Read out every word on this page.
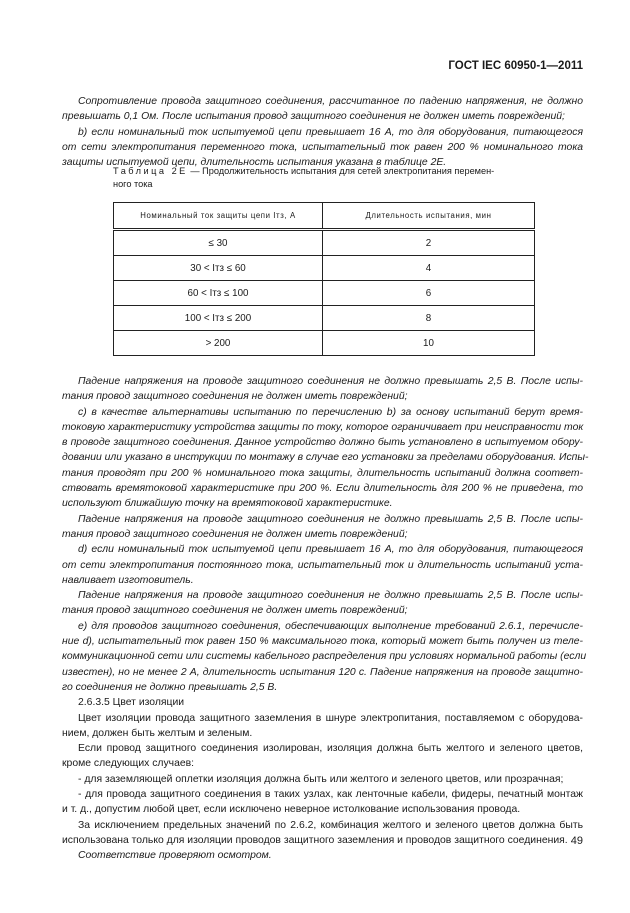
ГОСТ IEC 60950-1—2011
Сопротивление провода защитного соединения, рассчитанное по падению напряжения, не должно
превышать 0,1 Ом. После испытания провод защитного соединения не должен иметь повреждений;
b) если номинальный ток испытуемой цепи превышает 16 А, то для оборудования, питающегося
от сети электропитания переменного тока, испытательный ток равен 200 % номинального тока
защиты испытуемой цепи, длительность испытания указана в таблице 2Е.
Таблица 2Е — Продолжительность испытания для сетей электропитания перемен-
ного тока
Номинальный ток защиты цепи Iтз, А	Длительность испытания, мин
≤ 30	2
30 < Iтз ≤ 60	4
60 < Iтз ≤ 100	6
100 < Iтз ≤ 200	8
> 200	10
Падение напряжения на проводе защитного соединения не должно превышать 2,5 В. После испы-
тания провод защитного соединения не должен иметь повреждений;
c) в качестве альтернативы испытанию по перечислению b) за основу испытаний берут время-
токовую характеристику устройства защиты по току, которое ограничивает при неисправности ток
в проводе защитного соединения. Данное устройство должно быть установлено в испытуемом обору-
довании или указано в инструкции по монтажу в случае его установки за пределами оборудования. Испы-
тания проводят при 200 % номинального тока защиты, длительность испытаний должна соответ-
ствовать времятоковой характеристике при 200 %. Если длительность для 200 % не приведена, то
используют ближайшую точку на времятоковой характеристике.
Падение напряжения на проводе защитного соединения не должно превышать 2,5 В. После испы-
тания провод защитного соединения не должен иметь повреждений;
d) если номинальный ток испытуемой цепи превышает 16 А, то для оборудования, питающегося
от сети электропитания постоянного тока, испытательный ток и длительность испытаний уста-
навливает изготовитель.
Падение напряжения на проводе защитного соединения не должно превышать 2,5 В. После испы-
тания провод защитного соединения не должен иметь повреждений;
e) для проводов защитного соединения, обеспечивающих выполнение требований 2.6.1, перечисле-
ние d), испытательный ток равен 150 % максимального тока, который может быть получен из теле-
коммуникационной сети или системы кабельного распределения при условиях нормальной работы (если
известен), но не менее 2 А, длительность испытания 120 с. Падение напряжения на проводе защитно-
го соединения не должно превышать 2,5 В.
2.6.3.5 Цвет изоляции
Цвет изоляции провода защитного заземления в шнуре электропитания, поставляемом с оборудова-
нием, должен быть желтым и зеленым.
Если провод защитного соединения изолирован, изоляция должна быть желтого и зеленого цветов,
кроме следующих случаев:
- для заземляющей оплетки изоляция должна быть или желтого и зеленого цветов, или прозрачная;
- для провода защитного соединения в таких узлах, как ленточные кабели, фидеры, печатный монтаж
и т. д., допустим любой цвет, если исключено неверное истолкование использования провода.
За исключением предельных значений по 2.6.2, комбинация желтого и зеленого цветов должна быть
использована только для изоляции проводов защитного заземления и проводов защитного соединения.
Соответствие проверяют осмотром.
49
